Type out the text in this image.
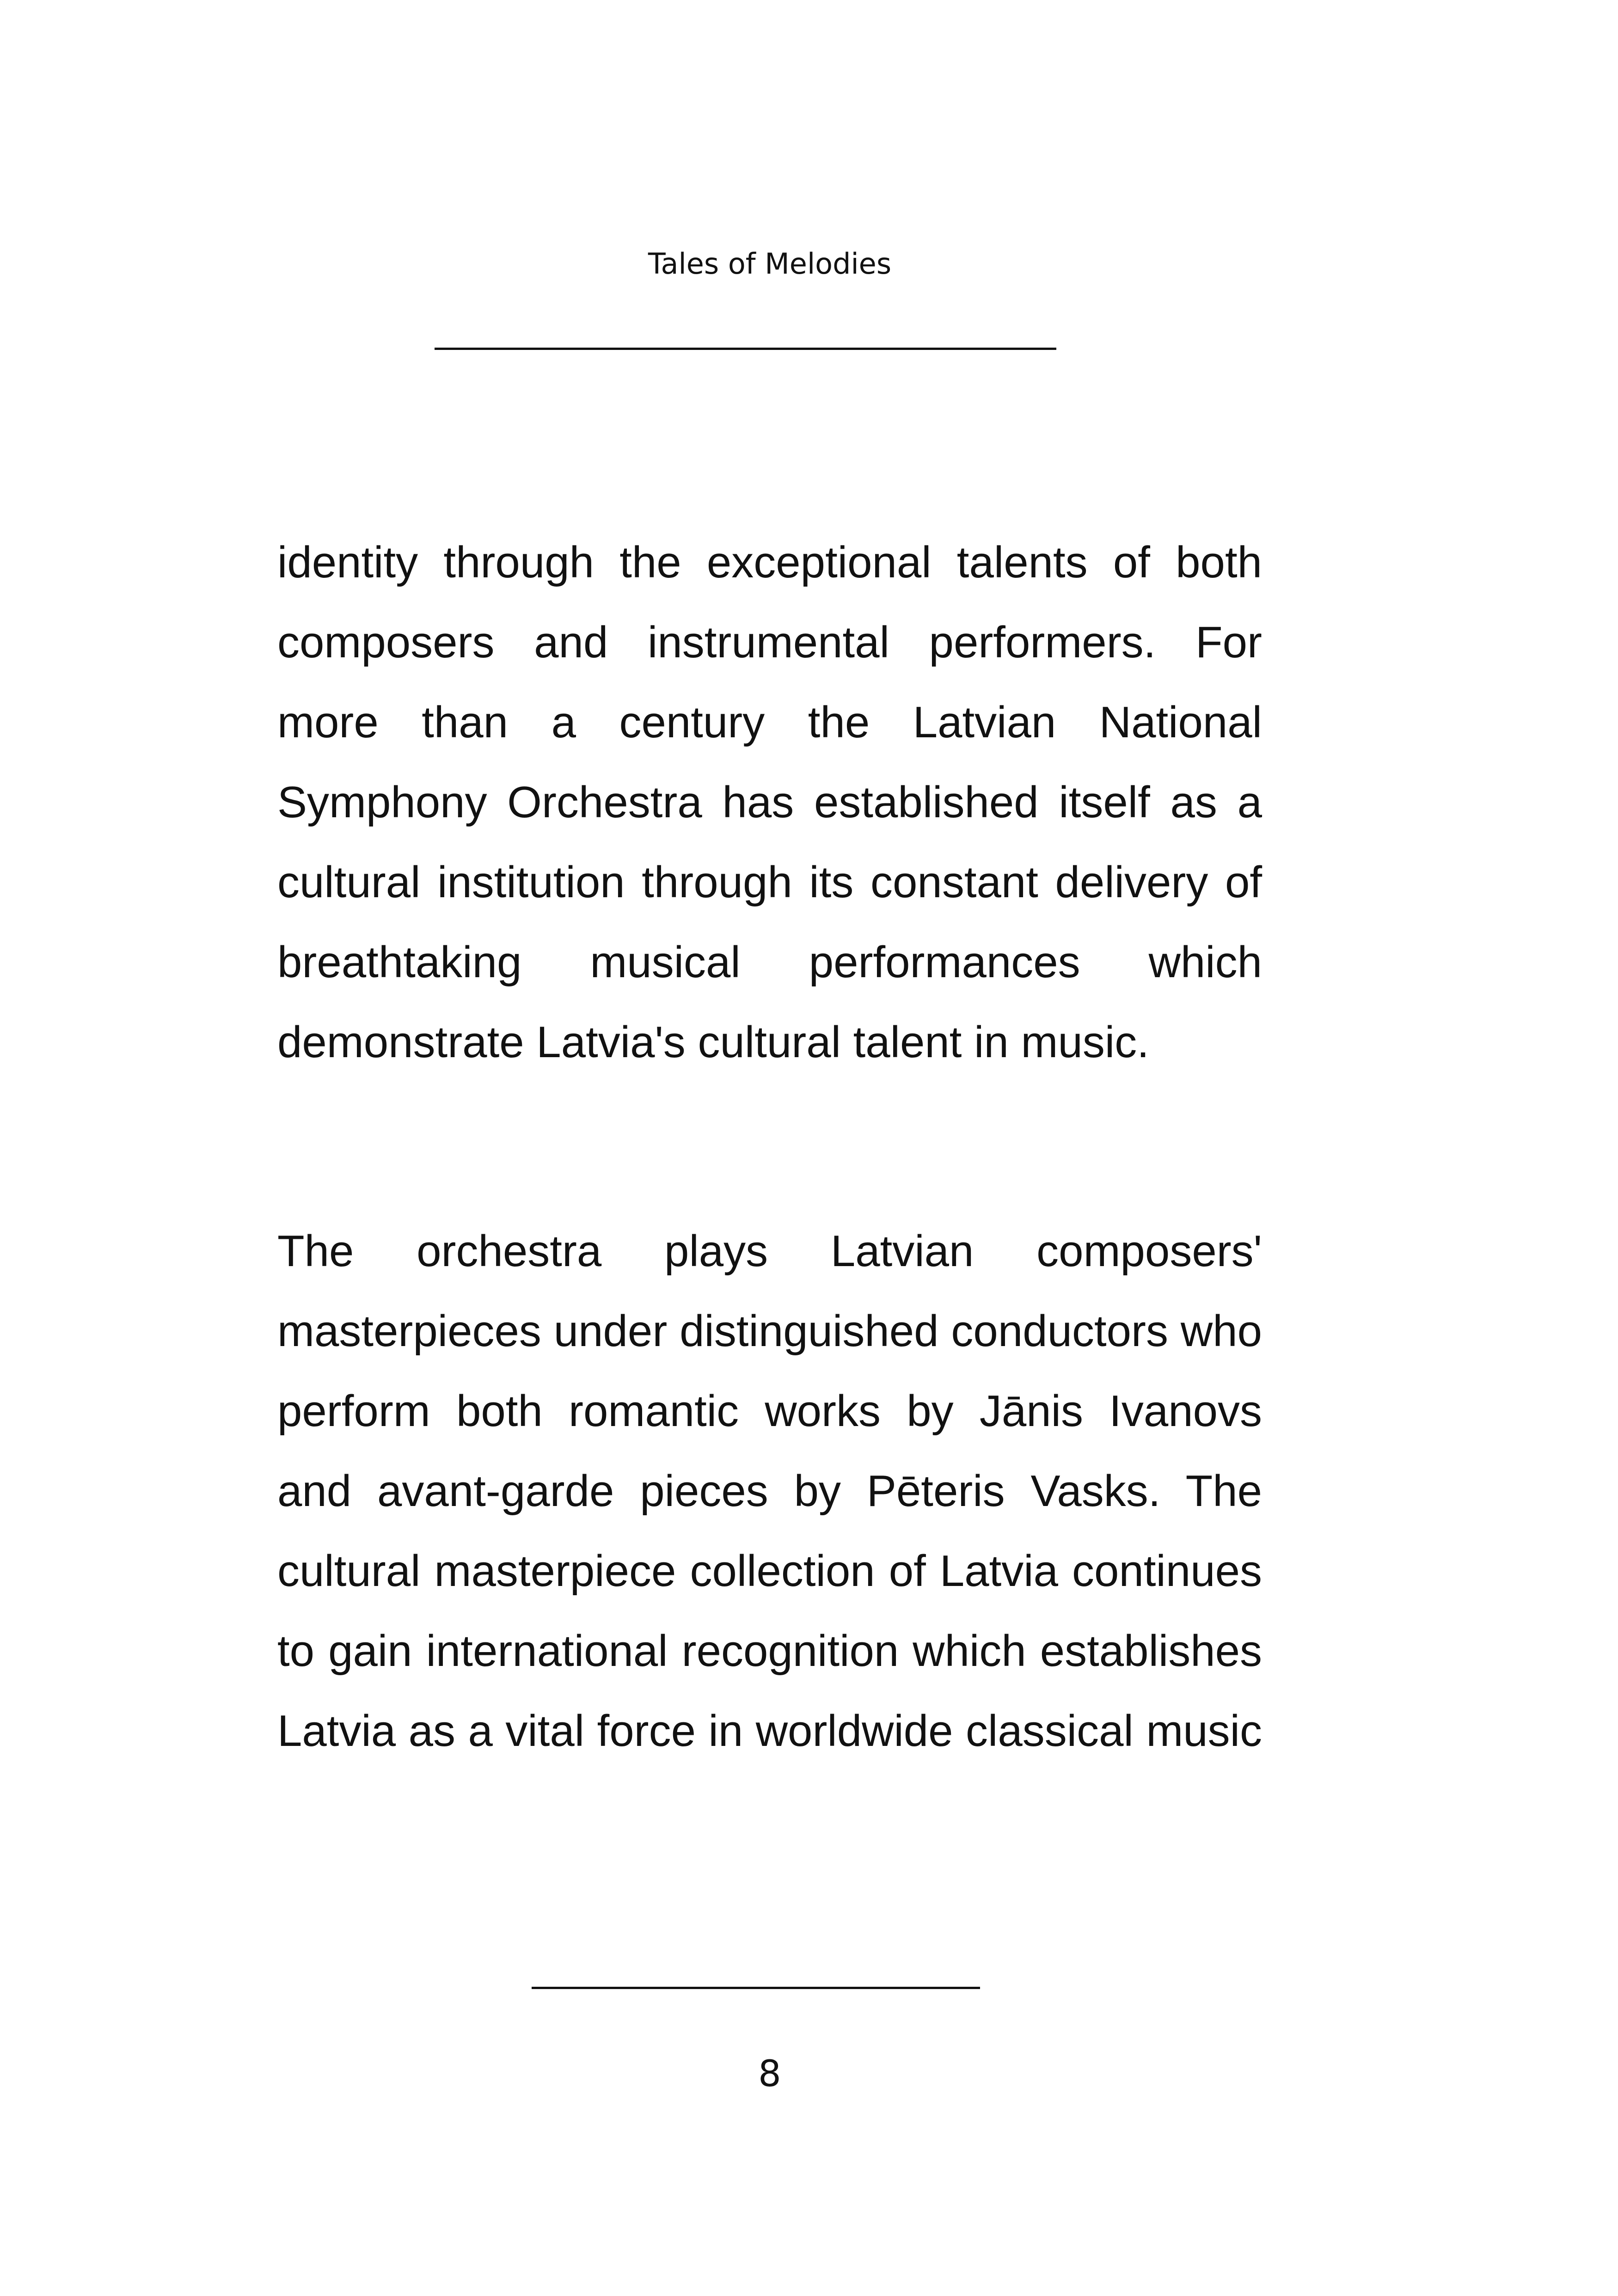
Tales of Melodies
identity through the exceptional talents of both composers and instrumental performers. For more than a century the Latvian National Symphony Orchestra has established itself as a cultural institution through its constant delivery of breathtaking musical performances which demonstrate Latvia's cultural talent in music.
The orchestra plays Latvian composers' masterpieces under distinguished conductors who perform both romantic works by Jānis Ivanovs and avant-garde pieces by Pēteris Vasks. The cultural masterpiece collection of Latvia continues to gain international recognition which establishes Latvia as a vital force in worldwide classical music
8
